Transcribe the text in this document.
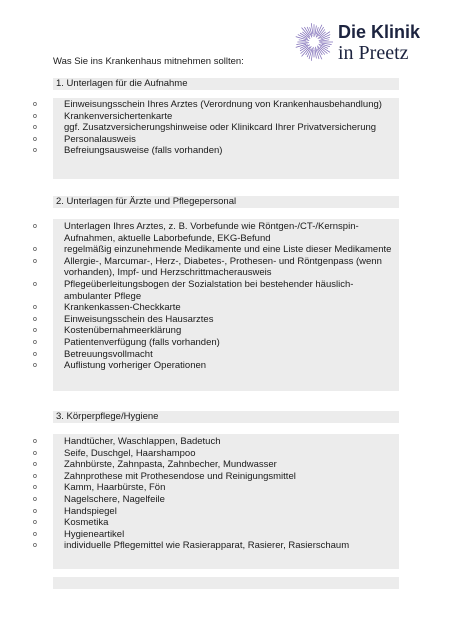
Die Klinik
in Preetz
Was Sie ins Krankenhaus mitnehmen sollten:
1. Unterlagen für die Aufnahme
o	Einweisungsschein Ihres Arztes (Verordnung von Krankenhausbehandlung)
o	Krankenversichertenkarte
o	ggf. Zusatzversicherungshinweise oder Klinikcard Ihrer Privatversicherung
o	Personalausweis
o	Befreiungsausweise (falls vorhanden)
2. Unterlagen für Ärzte und Pflegepersonal
o	Unterlagen Ihres Arztes, z. B. Vorbefunde wie Röntgen-/CT-/Kernspin-Aufnahmen, aktuelle Laborbefunde, EKG-Befund
o	regelmäßig einzunehmende Medikamente und eine Liste dieser Medikamente
o	Allergie-, Marcumar-, Herz-, Diabetes-, Prothesen- und Röntgenpass (wenn vorhanden), Impf- und Herzschrittmacherausweis
o	Pflegeüberleitungsbogen der Sozialstation bei bestehender häuslich-ambulanter Pflege
o	Krankenkassen-Checkkarte
o	Einweisungsschein des Hausarztes
o	Kostenübernahmeerklärung
o	Patientenverfügung (falls vorhanden)
o	Betreuungsvollmacht
o	Auflistung vorheriger Operationen
3. Körperpflege/Hygiene
o	Handtücher, Waschlappen, Badetuch
o	Seife, Duschgel, Haarshampoo
o	Zahnbürste, Zahnpasta, Zahnbecher, Mundwasser
o	Zahnprothese mit Prothesendose und Reinigungsmittel
o	Kamm, Haarbürste, Fön
o	Nagelschere, Nagelfeile
o	Handspiegel
o	Kosmetika
o	Hygieneartikel
o	individuelle Pflegemittel wie Rasierapparat, Rasierer, Rasierschaum
